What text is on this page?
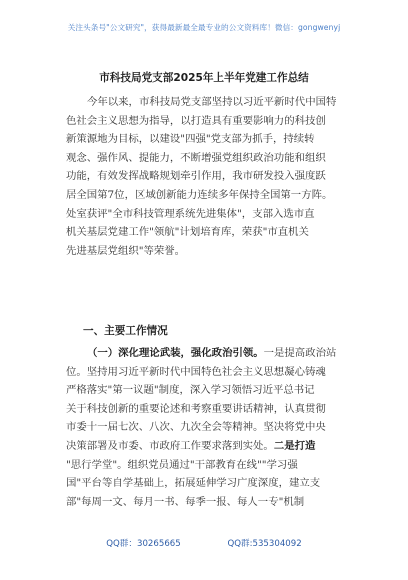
关注头条号"公文研究"，获得最新最全最专业的公文资料库！微信：gongwenyj
市科技局党支部2025年上半年党建工作总结
今年以来，市科技局党支部坚持以习近平新时代中国特
色社会主义思想为指导，以打造具有重要影响力的科技创
新策源地为目标，以建设"四强"党支部为抓手，持续转
观念、强作风、提能力，不断增强党组织政治功能和组织
功能，有效发挥战略规划牵引作用，我市研发投入强度跃
居全国第7位，区域创新能力连续多年保持全国第一方阵。
处室获评"全市科技管理系统先进集体"，支部入选市直
机关基层党建工作"领航"计划培育库，荣获"市直机关
先进基层党组织"等荣誉。
一、主要工作情况
（一）深化理论武装，强化政治引领。一是提高政治站
位。坚持用习近平新时代中国特色社会主义思想凝心铸魂
严格落实"第一议题"制度，深入学习领悟习近平总书记
关于科技创新的重要论述和考察重要讲话精神，认真贯彻
市委十一届七次、八次、九次全会等精神。坚决将党中央
决策部署及市委、市政府工作要求落到实处。二是打造
"思行学堂"。组织党员通过"干部教育在线""学习强
国"平台等自学基础上，拓展延伸学习广度深度，建立支
部"每周一文、每月一书、每季一报、每人一专"机制
QQ群：30265665	QQ群:535304092
